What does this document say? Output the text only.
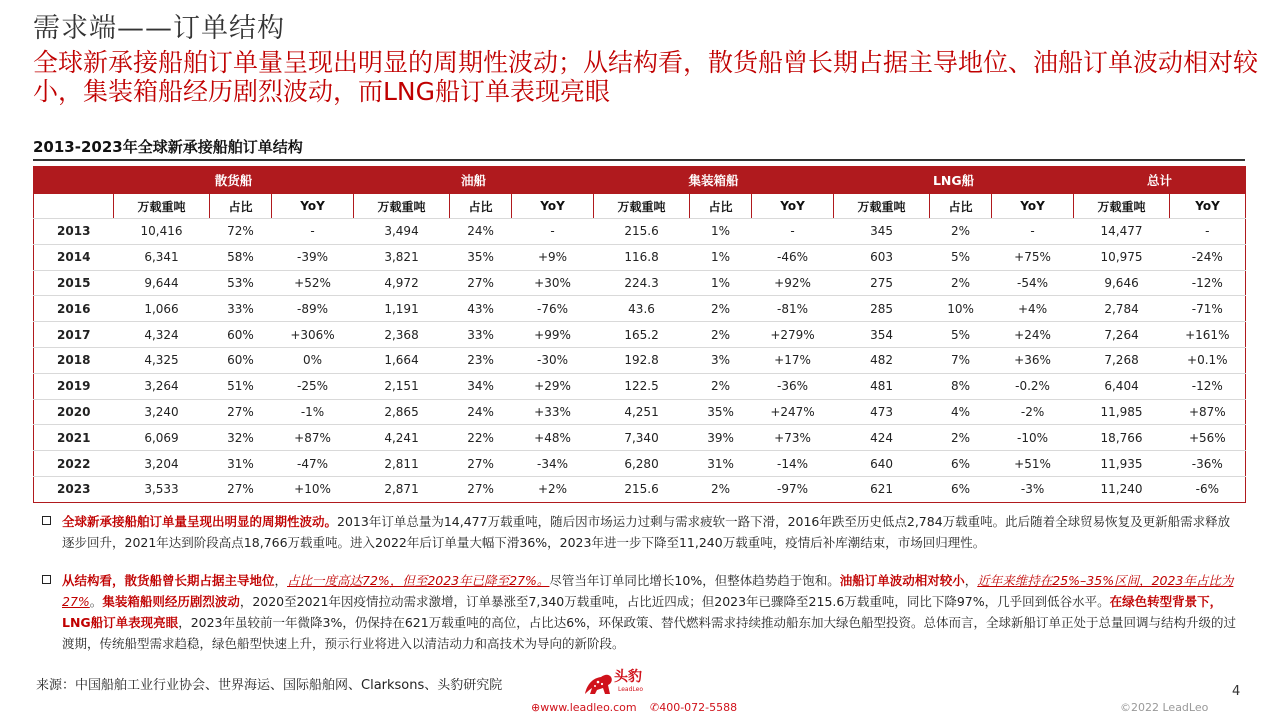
需求端——订单结构
全球新承接船舶订单量呈现出明显的周期性波动；从结构看，散货船曾长期占据主导地位、油船订单波动相对较小，集装箱船经历剧烈波动，而LNG船订单表现亮眼
2013-2023年全球新承接船舶订单结构
	散货船			油船			集装箱船			LNG船			总计	
	万载重吨	占比	YoY	万载重吨	占比	YoY	万载重吨	占比	YoY	万载重吨	占比	YoY	万载重吨	YoY
2013	10,416	72%	-	3,494	24%	-	215.6	1%	-	345	2%	-	14,477	-
2014	6,341	58%	-39%	3,821	35%	+9%	116.8	1%	-46%	603	5%	+75%	10,975	-24%
2015	9,644	53%	+52%	4,972	27%	+30%	224.3	1%	+92%	275	2%	-54%	9,646	-12%
2016	1,066	33%	-89%	1,191	43%	-76%	43.6	2%	-81%	285	10%	+4%	2,784	-71%
2017	4,324	60%	+306%	2,368	33%	+99%	165.2	2%	+279%	354	5%	+24%	7,264	+161%
2018	4,325	60%	0%	1,664	23%	-30%	192.8	3%	+17%	482	7%	+36%	7,268	+0.1%
2019	3,264	51%	-25%	2,151	34%	+29%	122.5	2%	-36%	481	8%	-0.2%	6,404	-12%
2020	3,240	27%	-1%	2,865	24%	+33%	4,251	35%	+247%	473	4%	-2%	11,985	+87%
2021	6,069	32%	+87%	4,241	22%	+48%	7,340	39%	+73%	424	2%	-10%	18,766	+56%
2022	3,204	31%	-47%	2,811	27%	-34%	6,280	31%	-14%	640	6%	+51%	11,935	-36%
2023	3,533	27%	+10%	2,871	27%	+2%	215.6	2%	-97%	621	6%	-3%	11,240	-6%

全球新承接船舶订单量呈现出明显的周期性波动。2013年订单总量为14,477万载重吨，随后因市场运力过剩与需求疲软一路下滑，2016年跌至历史低点2,784万载重吨。此后随着全球贸易恢复及更新船需求释放逐步回升，2021年达到阶段高点18,766万载重吨。进入2022年后订单量大幅下滑36%，2023年进一步下降至11,240万载重吨，疫情后补库潮结束，市场回归理性。

从结构看，散货船曾长期占据主导地位，占比一度高达72%，但至2023年已降至27%。尽管当年订单同比增长10%，但整体趋势趋于饱和。油船订单波动相对较小，近年来维持在25%–35%区间，2023年占比为27%。集装箱船则经历剧烈波动，2020至2021年因疫情拉动需求激增，订单暴涨至7,340万载重吨，占比近四成；但2023年已骤降至215.6万载重吨，同比下降97%，几乎回到低谷水平。在绿色转型背景下，LNG船订单表现亮眼，2023年虽较前一年微降3%，仍保持在621万载重吨的高位，占比达6%，环保政策、替代燃料需求持续推动船东加大绿色船型投资。总体而言，全球新船订单正处于总量回调与结构升级的过渡期，传统船型需求趋稳，绿色船型快速上升，预示行业将进入以清洁动力和高技术为导向的新阶段。

来源：中国船舶工业行业协会、世界海运、国际船舶网、Clarksons、头豹研究院
头豹
LeadLeo
⊕www.leadleo.com ✆400-072-5588
4
©2022 LeadLeo
